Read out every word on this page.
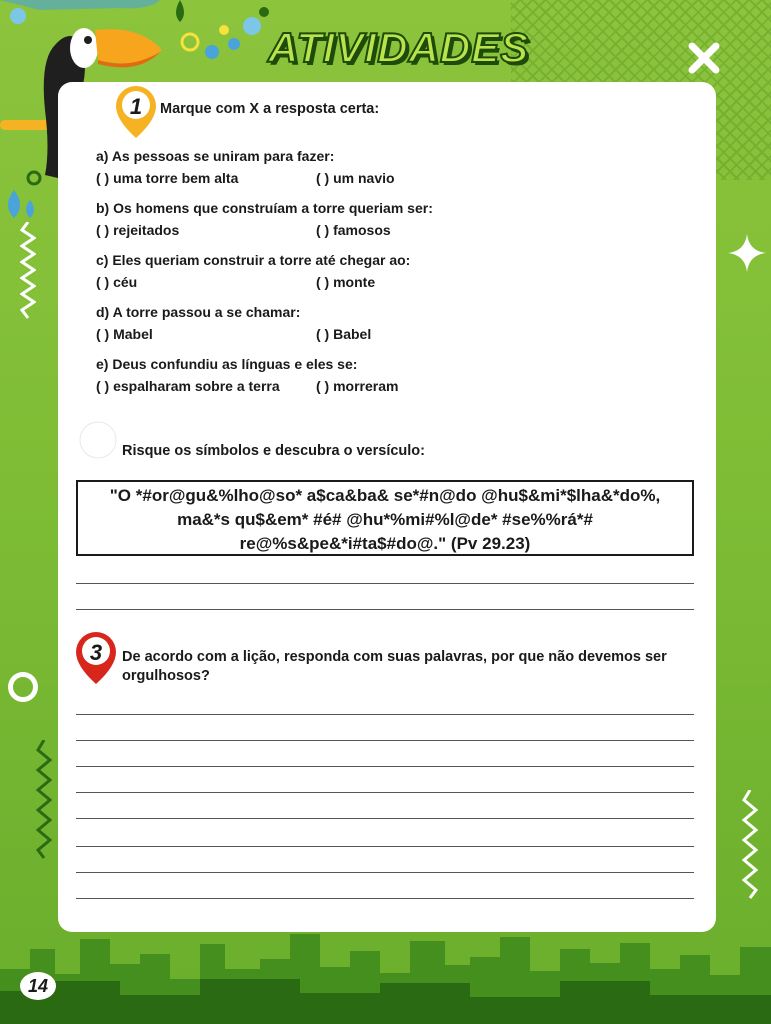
ATIVIDADES
1	Marque com X a resposta certa:
a) As pessoas se uniram para fazer:
( ) uma torre bem alta	( ) um navio
b) Os homens que construíam a torre queriam ser:
( ) rejeitados	( ) famosos
c) Eles queriam construir a torre até chegar ao:
( ) céu	( ) monte
d) A torre passou a se chamar:
( ) Mabel	( ) Babel
e) Deus confundiu as línguas e eles se:
( ) espalharam sobre a terra	( ) morreram
Risque os símbolos e descubra o versículo:
"O *#or@gu&%lho@so* a$ca&ba& se*#n@do @hu$&mi*$lha&*do%,
ma&*s qu$&em* #é# @hu*%mi#%l@de* #se%%rá*#
re@%s&pe&*i#ta$#do@." (Pv 29.23)
3	De acordo com a lição, responda com suas palavras, por que não devemos ser
orgulhosos?
14
